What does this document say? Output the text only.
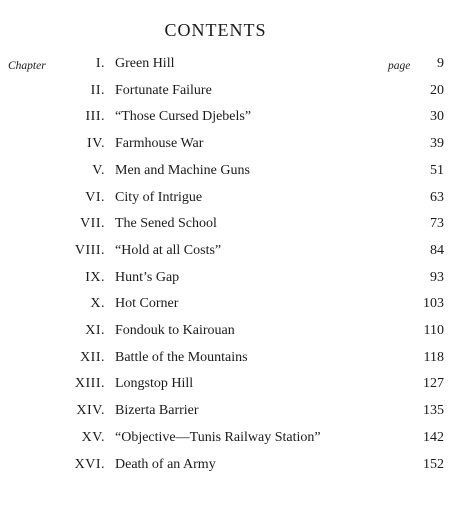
CONTENTS
Chapter	page
I. Green Hill	9
II. Fortunate Failure	20
III. “Those Cursed Djebels”	30
IV. Farmhouse War	39
V. Men and Machine Guns	51
VI. City of Intrigue	63
VII. The Sened School	73
VIII. “Hold at all Costs”	84
IX. Hunt’s Gap	93
X. Hot Corner	103
XI. Fondouk to Kairouan	110
XII. Battle of the Mountains	118
XIII. Longstop Hill	127
XIV. Bizerta Barrier	135
XV. “Objective—Tunis Railway Station”	142
XVI. Death of an Army	152
